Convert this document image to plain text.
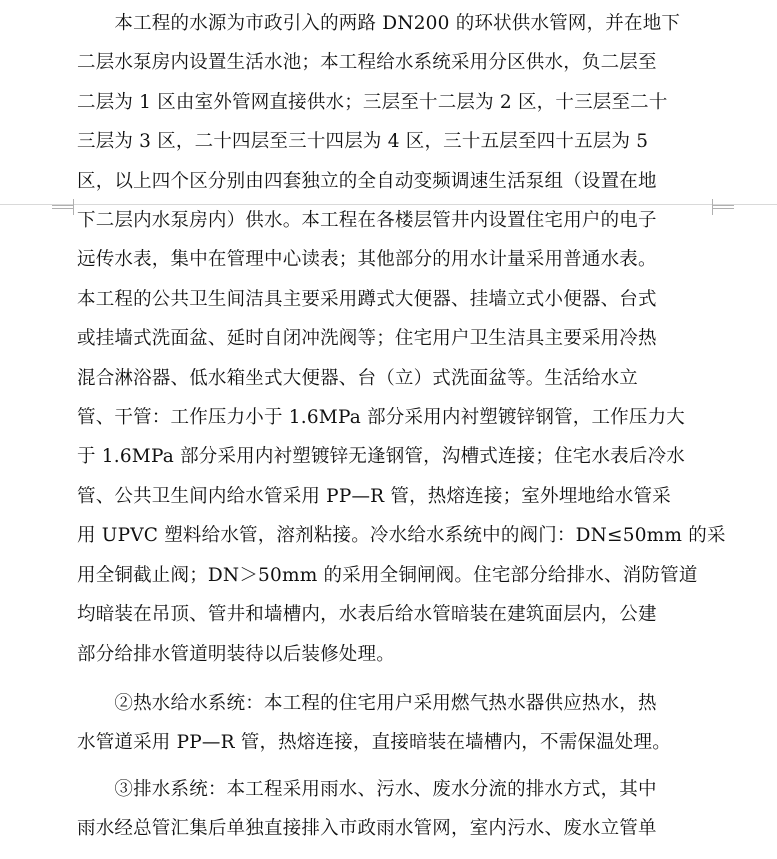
　　本工程的水源为市政引入的两路 DN200 的环状供水管网，并在地下
二层水泵房内设置生活水池；本工程给水系统采用分区供水，负二层至
二层为 1 区由室外管网直接供水；三层至十二层为 2 区，十三层至二十
三层为 3 区，二十四层至三十四层为 4 区，三十五层至四十五层为 5
区，以上四个区分别由四套独立的全自动变频调速生活泵组（设置在地
下二层内水泵房内）供水。本工程在各楼层管井内设置住宅用户的电子
远传水表，集中在管理中心读表；其他部分的用水计量采用普通水表。
本工程的公共卫生间洁具主要采用蹲式大便器、挂墙立式小便器、台式
或挂墙式洗面盆、延时自闭冲洗阀等；住宅用户卫生洁具主要采用冷热
混合淋浴器、低水箱坐式大便器、台（立）式洗面盆等。生活给水立
管、干管：工作压力小于 1.6MPa 部分采用内衬塑镀锌钢管，工作压力大
于 1.6MPa 部分采用内衬塑镀锌无逢钢管，沟槽式连接；住宅水表后冷水
管、公共卫生间内给水管采用 PP—R 管，热熔连接；室外埋地给水管采
用 UPVC 塑料给水管，溶剂粘接。冷水给水系统中的阀门：DN≤50mm 的采
用全铜截止阀；DN＞50mm 的采用全铜闸阀。住宅部分给排水、消防管道
均暗装在吊顶、管井和墙槽内，水表后给水管暗装在建筑面层内，公建
部分给排水管道明装待以后装修处理。
　　②热水给水系统：本工程的住宅用户采用燃气热水器供应热水，热
水管道采用 PP—R 管，热熔连接，直接暗装在墙槽内，不需保温处理。
　　③排水系统：本工程采用雨水、污水、废水分流的排水方式，其中
雨水经总管汇集后单独直接排入市政雨水管网，室内污水、废水立管单
